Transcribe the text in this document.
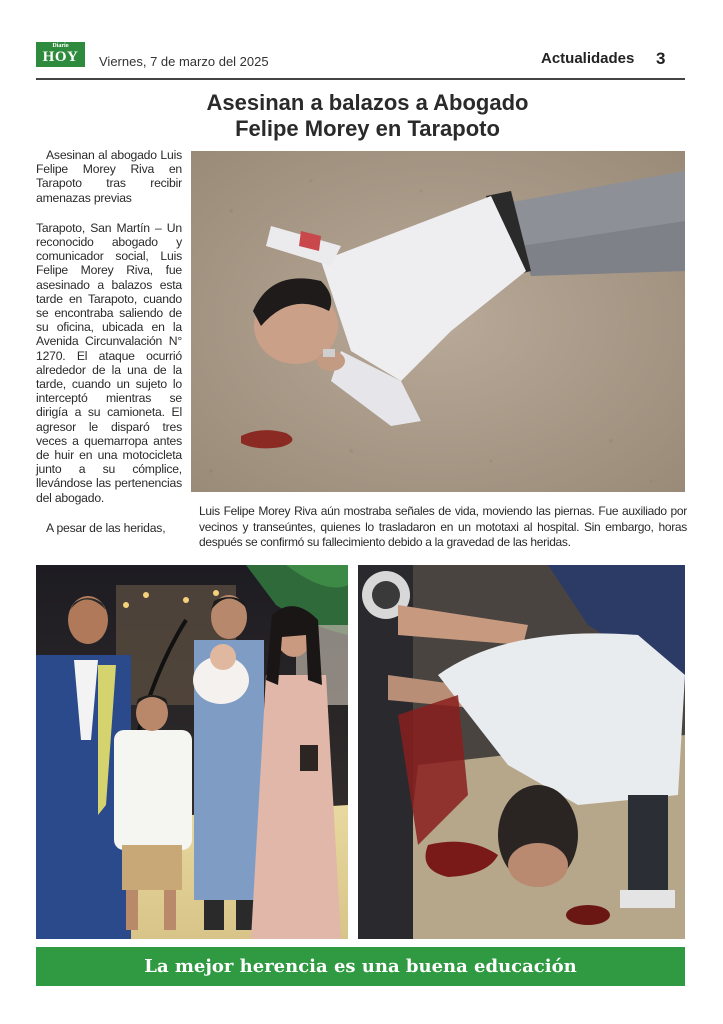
Diario
HOY	Viernes, 7 de marzo del 2025	Actualidades 3
Asesinan a balazos a Abogado
Felipe Morey en Tarapoto

Asesinan al abogado Luis Felipe Morey Riva en Tarapoto tras recibir amenazas previas

Tarapoto, San Martín – Un reconocido abogado y comunicador social, Luis Felipe Morey Riva, fue asesinado a balazos esta tarde en Tarapoto, cuando se encontraba saliendo de su oficina, ubicada en la Avenida Circunvalación N° 1270. El ataque ocurrió alrededor de la una de la tarde, cuando un sujeto lo interceptó mientras se dirigía a su camioneta. El agresor le disparó tres veces a quemarropa antes de huir en una motocicleta junto a su cómplice, llevándose las pertenencias del abogado.

A pesar de las heridas,

Luis Felipe Morey Riva aún mostraba señales de vida, moviendo las piernas. Fue auxiliado por vecinos y transeúntes, quienes lo trasladaron en un mototaxi al hospital. Sin embargo, horas después se confirmó su fallecimiento debido a la gravedad de las heridas.
La mejor herencia es una buena educación
